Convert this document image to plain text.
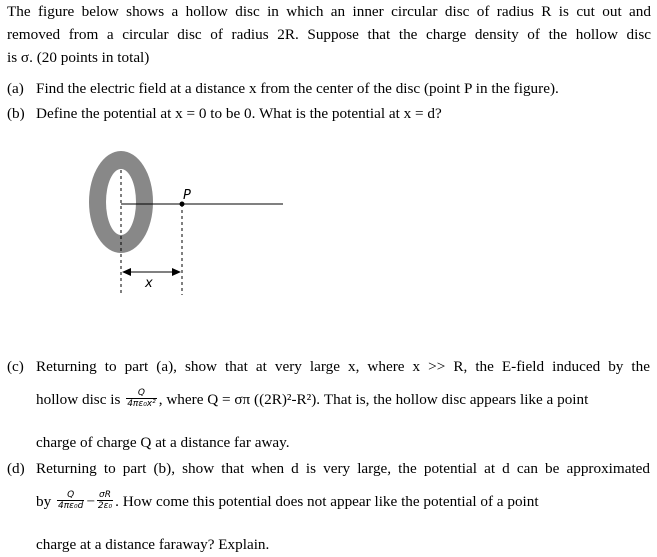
The figure below shows a hollow disc in which an inner circular disc of radius R is cut out and
removed from a circular disc of radius 2R. Suppose that the charge density of the hollow disc
is σ. (20 points in total)
(a) Find the electric field at a distance x from the center of the disc (point P in the figure).
(b) Define the potential at x = 0 to be 0. What is the potential at x = d?
P
x
(c) Returning to part (a), show that at very large x, where x >> R, the E-field induced by the
hollow disc is $\frac{Q}{\text{4πε₀x²}}$ , where Q = σπ ((2R)²-R²). That is, the hollow disc appears like a point
charge of charge Q at a distance far away.
(d) Returning to part (b), show that when d is very large, the potential at d can be approximated
by $\frac{Q}{\text{4πε₀d}} - \frac{\sigma R}{\text{2ε₀}}$ . How come this potential does not appear like the potential of a point
charge at a distance faraway? Explain.
